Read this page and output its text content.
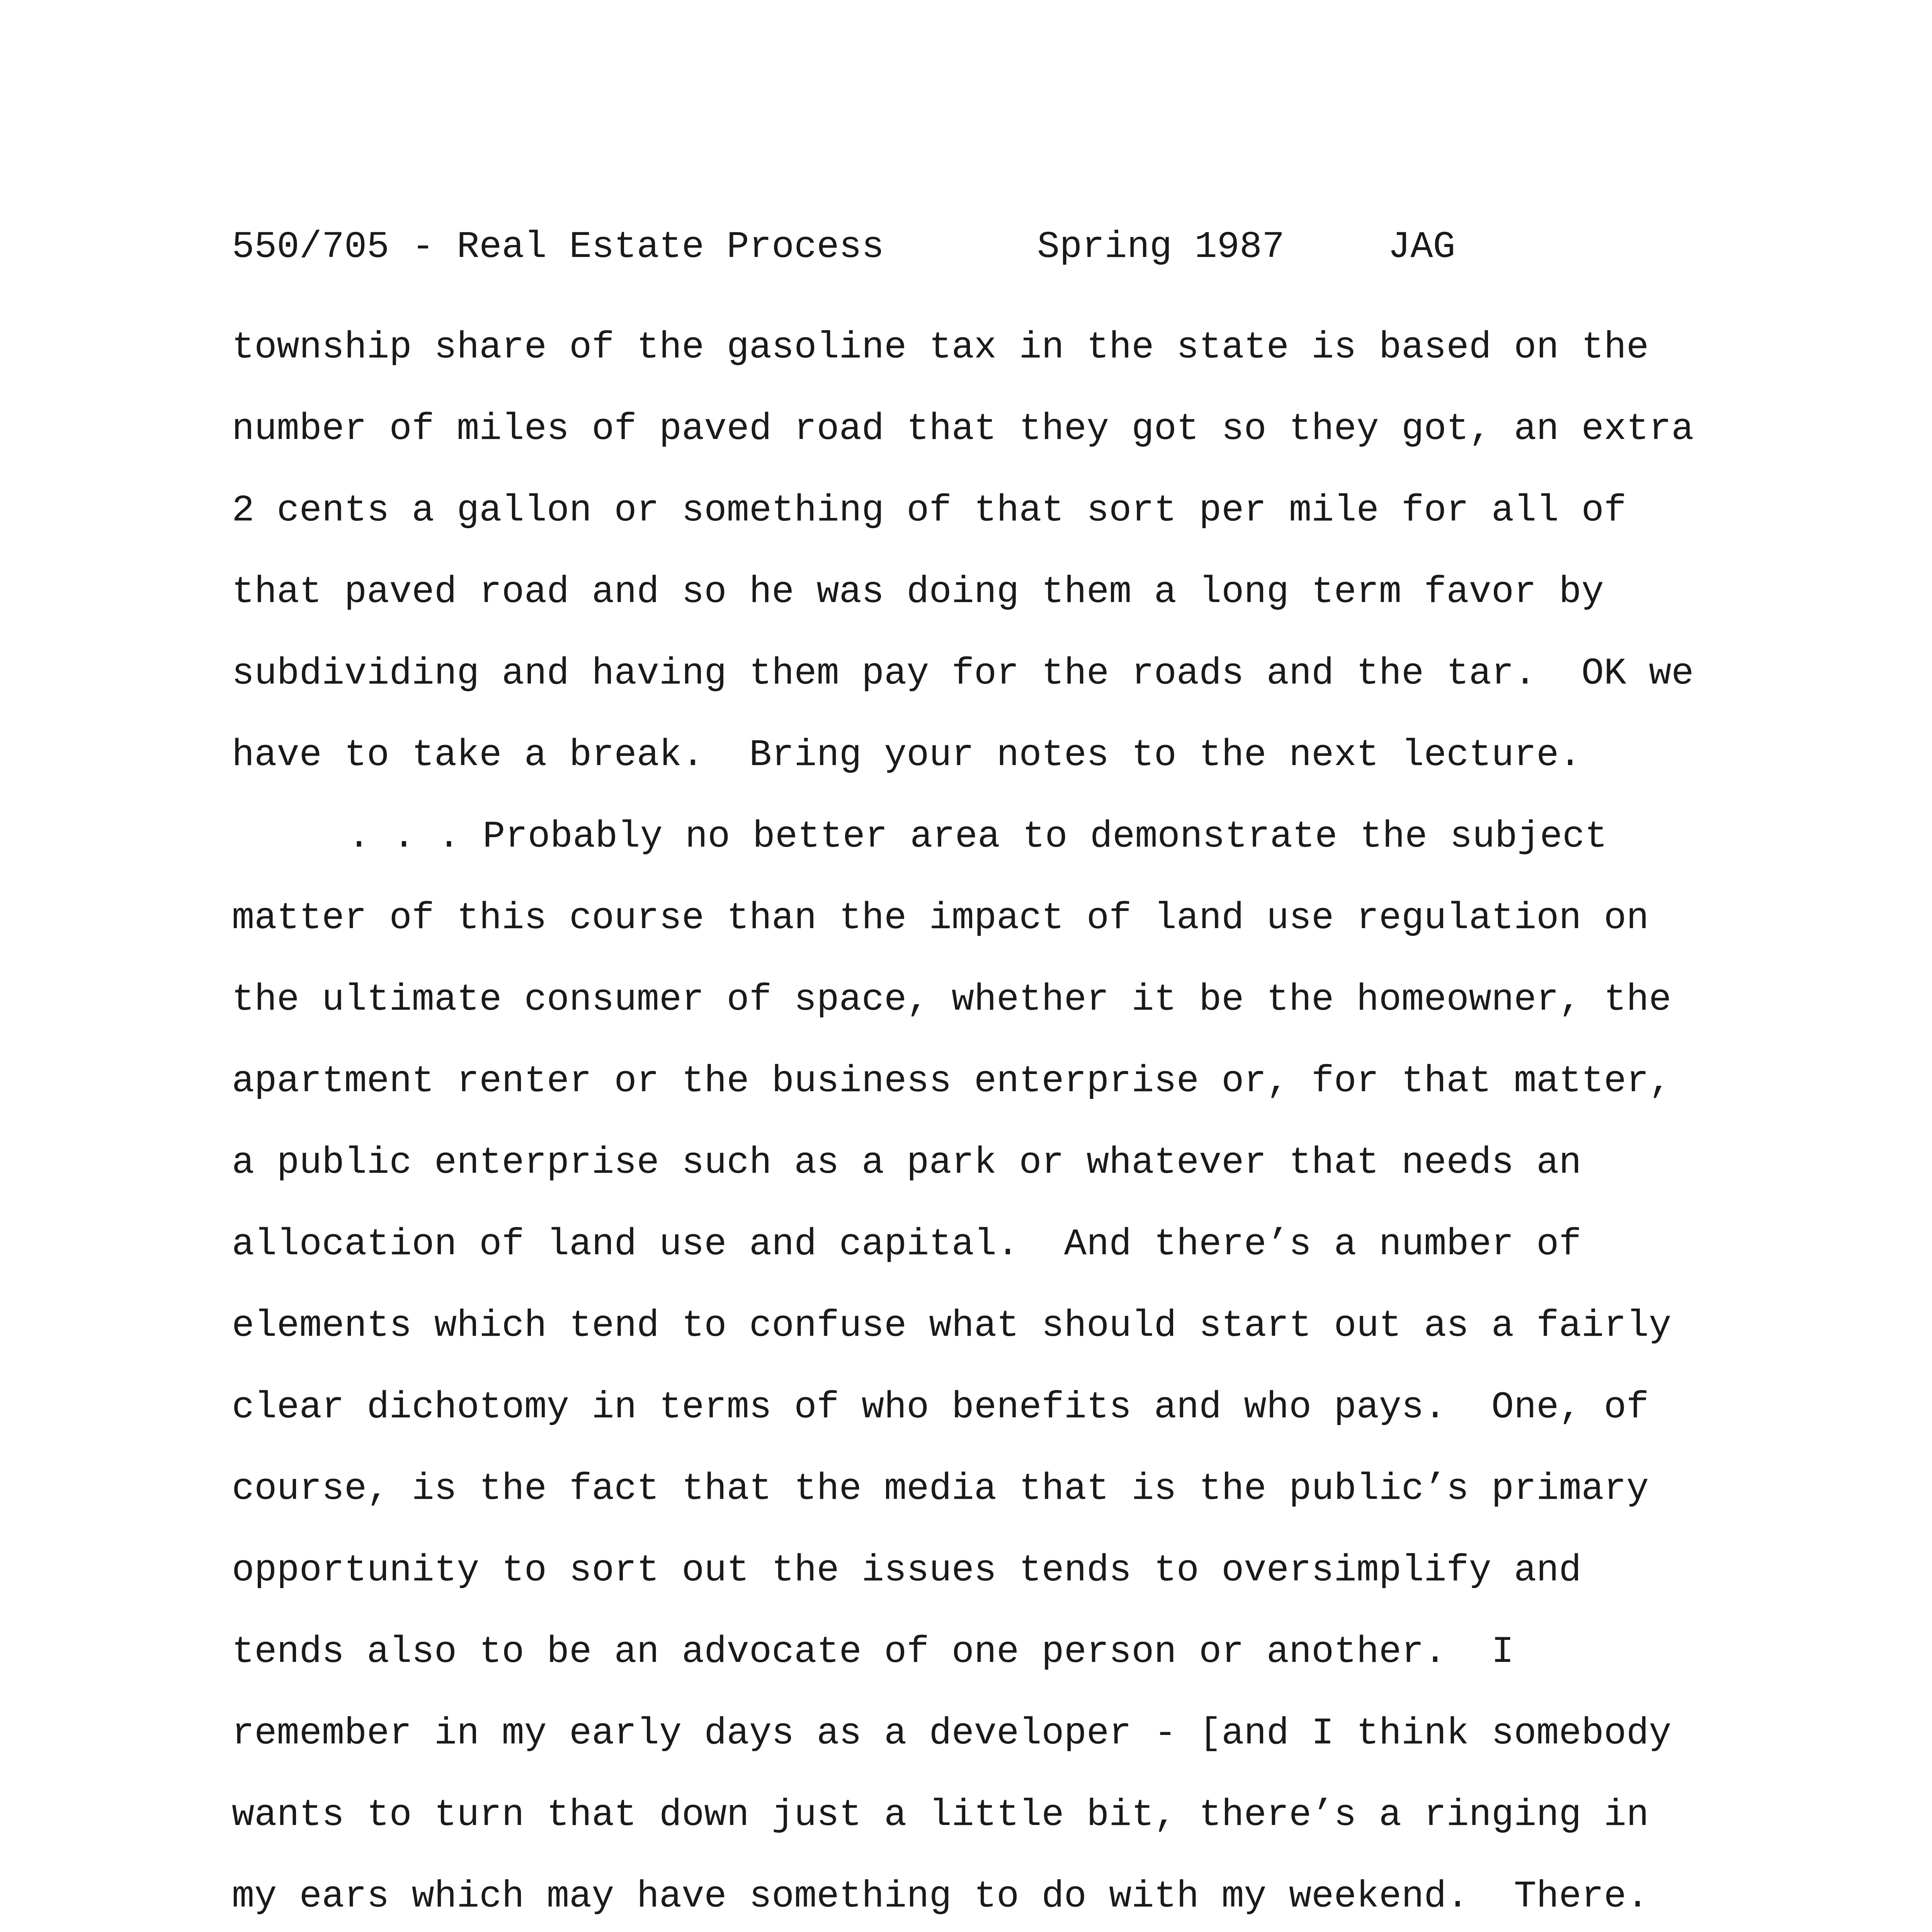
550/705 - Real Estate Process	Spring 1987	JAG
township share of the gasoline tax in the state is based on the
number of miles of paved road that they got so they got, an extra
2 cents a gallon or something of that sort per mile for all of
that paved road and so he was doing them a long term favor by
subdividing and having them pay for the roads and the tar.  OK we
have to take a break.  Bring your notes to the next lecture.
. . . Probably no better area to demonstrate the subject
matter of this course than the impact of land use regulation on
the ultimate consumer of space, whether it be the homeowner, the
apartment renter or the business enterprise or, for that matter,
a public enterprise such as a park or whatever that needs an
allocation of land use and capital.  And there’s a number of
elements which tend to confuse what should start out as a fairly
clear dichotomy in terms of who benefits and who pays.  One, of
course, is the fact that the media that is the public’s primary
opportunity to sort out the issues tends to oversimplify and
tends also to be an advocate of one person or another.  I
remember in my early days as a developer - [and I think somebody
wants to turn that down just a little bit, there’s a ringing in
my ears which may have something to do with my weekend.  There.
